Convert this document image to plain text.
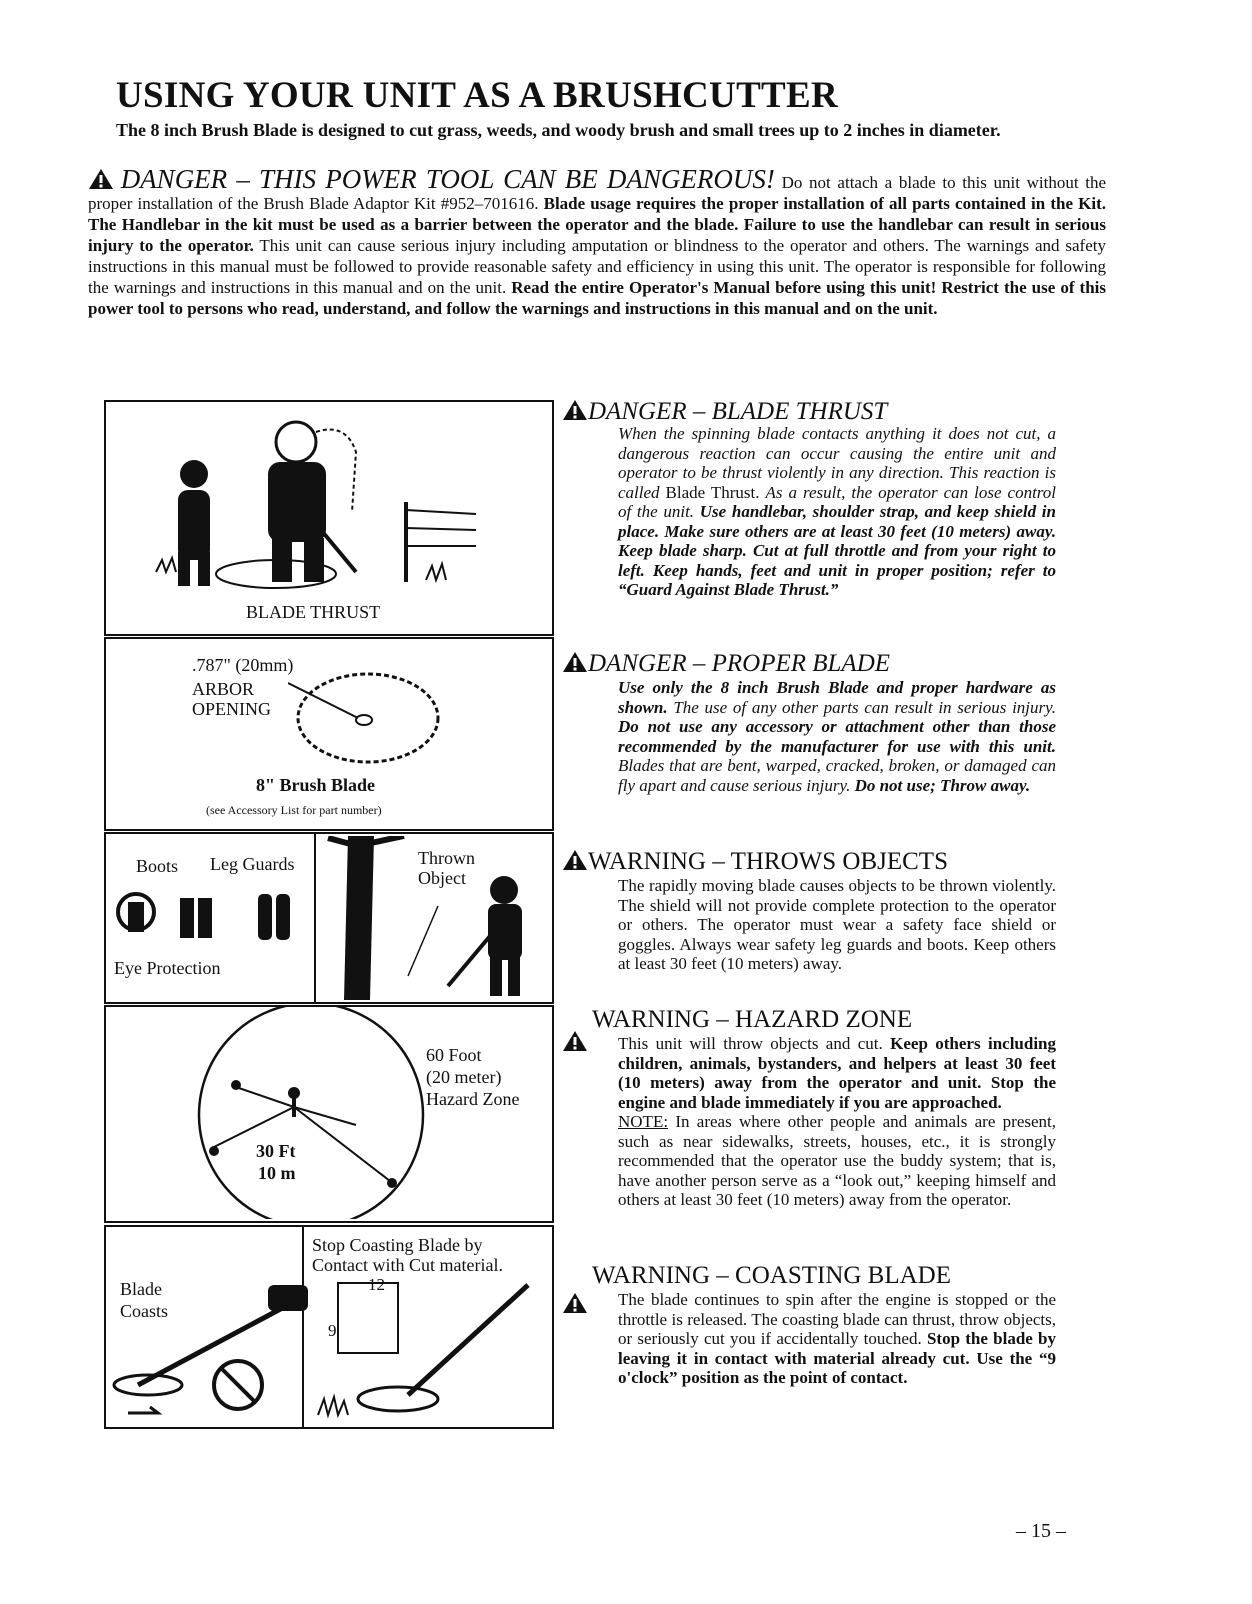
USING YOUR UNIT AS A BRUSHCUTTER
The 8 inch Brush Blade is designed to cut grass, weeds, and woody brush and small trees up to 2 inches in diameter.
DANGER – THIS POWER TOOL CAN BE DANGEROUS! Do not attach a blade to this unit without the proper installation of the Brush Blade Adaptor Kit #952–701616. Blade usage requires the proper installation of all parts contained in the Kit. The Handlebar in the kit must be used as a barrier between the operator and the blade. Failure to use the handlebar can result in serious injury to the operator. This unit can cause serious injury including amputation or blindness to the operator and others. The warnings and safety instructions in this manual must be followed to provide reasonable safety and efficiency in using this unit. The operator is responsible for following the warnings and instructions in this manual and on the unit. Read the entire Operator's Manual before using this unit! Restrict the use of this power tool to persons who read, understand, and follow the warnings and instructions in this manual and on the unit.
BLADE THRUST
.787" (20mm)
ARBOR
OPENING
8" Brush Blade
(see Accessory List for part number)
Boots Leg Guards
Eye Protection
Thrown
Object
30 Ft
10 m
60 Foot
(20 meter)
Hazard Zone
Stop Coasting Blade by
Contact with Cut material.
Blade
Coasts
12
9
DANGER – BLADE THRUST
When the spinning blade contacts anything it does not cut, a dangerous reaction can occur causing the entire unit and operator to be thrust violently in any direction. This reaction is called Blade Thrust. As a result, the operator can lose control of the unit. Use handlebar, shoulder strap, and keep shield in place. Make sure others are at least 30 feet (10 meters) away. Keep blade sharp. Cut at full throttle and from your right to left. Keep hands, feet and unit in proper position; refer to “Guard Against Blade Thrust.”
DANGER – PROPER BLADE
Use only the 8 inch Brush Blade and proper hardware as shown. The use of any other parts can result in serious injury. Do not use any accessory or attachment other than those recommended by the manufacturer for use with this unit. Blades that are bent, warped, cracked, broken, or damaged can fly apart and cause serious injury. Do not use; Throw away.
WARNING – THROWS OBJECTS
The rapidly moving blade causes objects to be thrown violently. The shield will not provide complete protection to the operator or others. The operator must wear a safety face shield or goggles. Always wear safety leg guards and boots. Keep others at least 30 feet (10 meters) away.
WARNING – HAZARD ZONE
This unit will throw objects and cut. Keep others including children, animals, bystanders, and helpers at least 30 feet (10 meters) away from the operator and unit. Stop the engine and blade immediately if you are approached.
NOTE: In areas where other people and animals are present, such as near sidewalks, streets, houses, etc., it is strongly recommended that the operator use the buddy system; that is, have another person serve as a “look out,” keeping himself and others at least 30 feet (10 meters) away from the operator.
WARNING – COASTING BLADE
The blade continues to spin after the engine is stopped or the throttle is released. The coasting blade can thrust, throw objects, or seriously cut you if accidentally touched. Stop the blade by leaving it in contact with material already cut. Use the “9 o'clock” position as the point of contact.
– 15 –
